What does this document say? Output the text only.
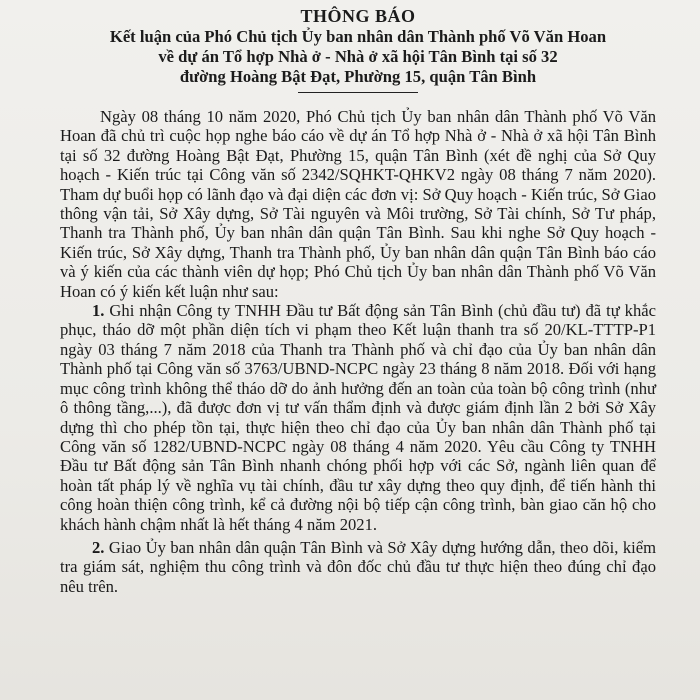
THÔNG BÁO
Kết luận của Phó Chủ tịch Ủy ban nhân dân Thành phố Võ Văn Hoan
về dự án Tổ hợp Nhà ở - Nhà ở xã hội Tân Bình tại số 32
đường Hoàng Bật Đạt, Phường 15, quận Tân Bình

Ngày 08 tháng 10 năm 2020, Phó Chủ tịch Ủy ban nhân dân Thành phố Võ Văn Hoan đã chủ trì cuộc họp nghe báo cáo về dự án Tổ hợp Nhà ở - Nhà ở xã hội Tân Bình tại số 32 đường Hoàng Bật Đạt, Phường 15, quận Tân Bình (xét đề nghị của Sở Quy hoạch - Kiến trúc tại Công văn số 2342/SQHKT-QHKV2 ngày 08 tháng 7 năm 2020). Tham dự buổi họp có lãnh đạo và đại diện các đơn vị: Sở Quy hoạch - Kiến trúc, Sở Giao thông vận tải, Sở Xây dựng, Sở Tài nguyên và Môi trường, Sở Tài chính, Sở Tư pháp, Thanh tra Thành phố, Ủy ban nhân dân quận Tân Bình. Sau khi nghe Sở Quy hoạch - Kiến trúc, Sở Xây dựng, Thanh tra Thành phố, Ủy ban nhân dân quận Tân Bình báo cáo và ý kiến của các thành viên dự họp; Phó Chủ tịch Ủy ban nhân dân Thành phố Võ Văn Hoan có ý kiến kết luận như sau:

1. Ghi nhận Công ty TNHH Đầu tư Bất động sản Tân Bình (chủ đầu tư) đã tự khắc phục, tháo dỡ một phần diện tích vi phạm theo Kết luận thanh tra số 20/KL-TTTP-P1 ngày 03 tháng 7 năm 2018 của Thanh tra Thành phố và chỉ đạo của Ủy ban nhân dân Thành phố tại Công văn số 3763/UBND-NCPC ngày 23 tháng 8 năm 2018. Đối với hạng mục công trình không thể tháo dỡ do ảnh hưởng đến an toàn của toàn bộ công trình (như ô thông tầng,...), đã được đơn vị tư vấn thẩm định và được giám định lần 2 bởi Sở Xây dựng thì cho phép tồn tại, thực hiện theo chỉ đạo của Ủy ban nhân dân Thành phố tại Công văn số 1282/UBND-NCPC ngày 08 tháng 4 năm 2020. Yêu cầu Công ty TNHH Đầu tư Bất động sản Tân Bình nhanh chóng phối hợp với các Sở, ngành liên quan để hoàn tất pháp lý về nghĩa vụ tài chính, đầu tư xây dựng theo quy định, để tiến hành thi công hoàn thiện công trình, kể cả đường nội bộ tiếp cận công trình, bàn giao căn hộ cho khách hành chậm nhất là hết tháng 4 năm 2021.

2. Giao Ủy ban nhân dân quận Tân Bình và Sở Xây dựng hướng dẫn, theo dõi, kiểm tra giám sát, nghiệm thu công trình và đôn đốc chủ đầu tư thực hiện theo đúng chỉ đạo nêu trên.
